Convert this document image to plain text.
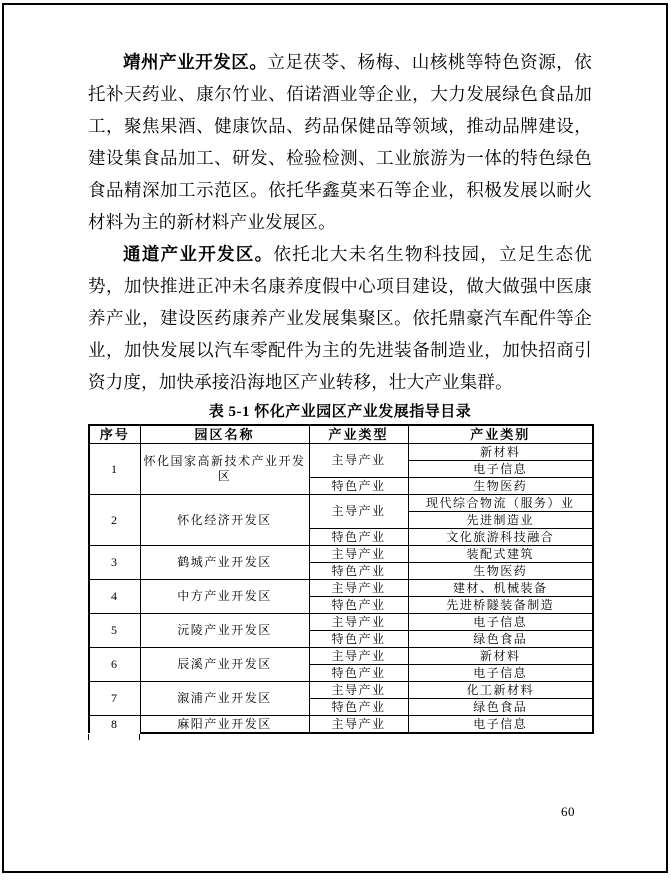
靖州产业开发区。立足茯苓、杨梅、山核桃等特色资源，依托补天药业、康尔竹业、佰诺酒业等企业，大力发展绿色食品加工，聚焦果酒、健康饮品、药品保健品等领域，推动品牌建设，建设集食品加工、研发、检验检测、工业旅游为一体的特色绿色食品精深加工示范区。依托华鑫莫来石等企业，积极发展以耐火材料为主的新材料产业发展区。

通道产业开发区。依托北大未名生物科技园，立足生态优势，加快推进正冲未名康养度假中心项目建设，做大做强中医康养产业，建设医药康养产业发展集聚区。依托鼎豪汽车配件等企业，加快发展以汽车零配件为主的先进装备制造业，加快招商引资力度，加快承接沿海地区产业转移，壮大产业集群。

表 5-1 怀化产业园区产业发展指导目录
序号	园区名称	产业类型	产业类别
1	怀化国家高新技术产业开发区	主导产业	新材料
			电子信息
		特色产业	生物医药
2	怀化经济开发区	主导产业	现代综合物流（服务）业
			先进制造业
		特色产业	文化旅游科技融合
3	鹤城产业开发区	主导产业	装配式建筑
		特色产业	生物医药
4	中方产业开发区	主导产业	建材、机械装备
		特色产业	先进桥隧装备制造
5	沅陵产业开发区	主导产业	电子信息
		特色产业	绿色食品
6	辰溪产业开发区	主导产业	新材料
		特色产业	电子信息
7	溆浦产业开发区	主导产业	化工新材料
		特色产业	绿色食品
8	麻阳产业开发区	主导产业	电子信息
60
